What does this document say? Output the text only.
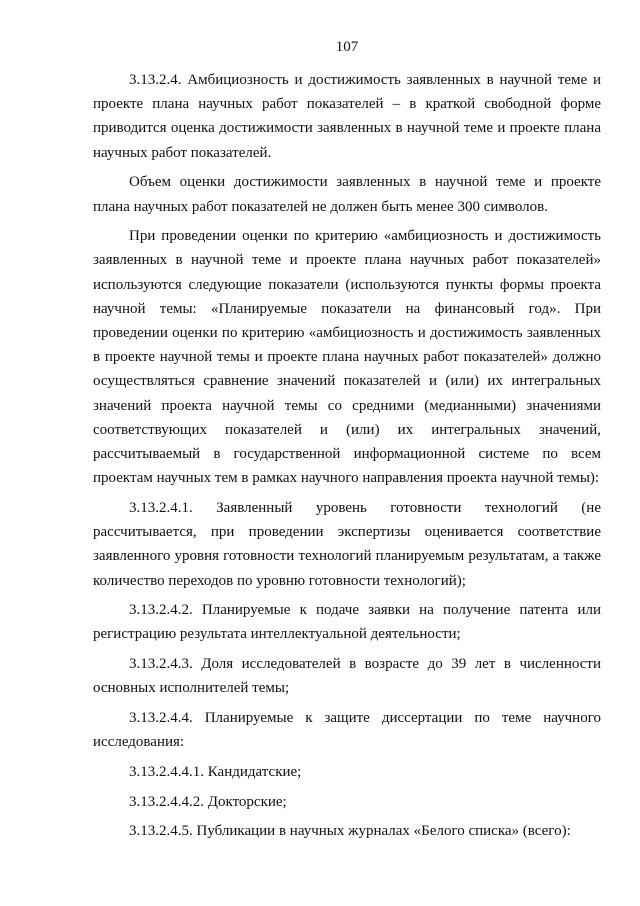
107

3.13.2.4. Амбициозность и достижимость заявленных в научной теме и проекте плана научных работ показателей – в краткой свободной форме приводится оценка достижимости заявленных в научной теме и проекте плана научных работ показателей.

Объем оценки достижимости заявленных в научной теме и проекте плана научных работ показателей не должен быть менее 300 символов.

При проведении оценки по критерию «амбициозность и достижимость заявленных в научной теме и проекте плана научных работ показателей» используются следующие показатели (используются пункты формы проекта научной темы: «Планируемые показатели на финансовый год». При проведении оценки по критерию «амбициозность и достижимость заявленных в проекте научной темы и проекте плана научных работ показателей» должно осуществляться сравнение значений показателей и (или) их интегральных значений проекта научной темы со средними (медианными) значениями соответствующих показателей и (или) их интегральных значений, рассчитываемый в государственной информационной системе по всем проектам научных тем в рамках научного направления проекта научной темы):

3.13.2.4.1. Заявленный уровень готовности технологий (не рассчитывается, при проведении экспертизы оценивается соответствие заявленного уровня готовности технологий планируемым результатам, а также количество переходов по уровню готовности технологий);

3.13.2.4.2. Планируемые к подаче заявки на получение патента или регистрацию результата интеллектуальной деятельности;

3.13.2.4.3. Доля исследователей в возрасте до 39 лет в численности основных исполнителей темы;

3.13.2.4.4. Планируемые к защите диссертации по теме научного исследования:

3.13.2.4.4.1. Кандидатские;

3.13.2.4.4.2. Докторские;

3.13.2.4.5. Публикации в научных журналах «Белого списка» (всего):
